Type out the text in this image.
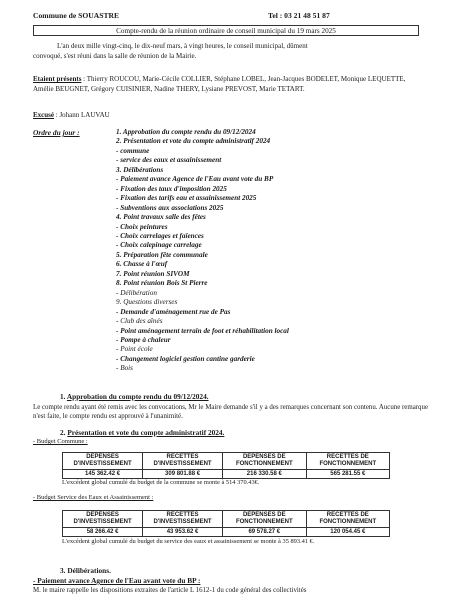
Commune de SOUASTRE	Tel : 03 21 48 51 87
Compte-rendu de la réunion ordinaire de conseil municipal du 19 mars 2025
L'an deux mille vingt-cinq, le dix-neuf mars, à vingt heures, le conseil municipal, dûment
convoqué, s'est réuni dans la salle de réunion de la Mairie.
Etaient présents : Thierry ROUCOU, Marie-Cécile COLLIER, Stéphane LOBEL, Jean-Jacques BODELET, Monique LEQUETTE, Amélie BEUGNET, Grégory CUISINIER, Nadine THERY, Lysiane PREVOST, Marie TETART.
Excusé : Johann LAUVAU
Ordre du jour :	1. Approbation du compte rendu du 09/12/2024
2. Présentation et vote du compte administratif 2024
- commune
- service des eaux et assainissement
3. Délibérations
- Paiement avance Agence de l'Eau avant vote du BP
- Fixation des taux d'imposition 2025
- Fixation des tarifs eau et assainissement 2025
- Subventions aux associations 2025
4. Point travaux salle des fêtes
- Choix peintures
- Choix carrelages et faïences
- Choix calepinage carrelage
5. Préparation fête communale
6. Chasse à l'œuf
7. Point réunion SIVOM
8. Point réunion Bois St Pierre
- Délibération
9. Questions diverses
- Demande d'aménagement rue de Pas
- Club des aînés
- Point aménagement terrain de foot et réhabilitation local
- Pompe à chaleur
- Point école
- Changement logiciel gestion cantine garderie
- Bois
1. Approbation du compte rendu du 09/12/2024.
Le compte rendu ayant été remis avec les convocations, Mr le Maire demande s'il y a des remarques concernant son contenu. Aucune remarque n'est faite, le compte rendu est approuvé à l'unanimité.
2. Présentation et vote du compte administratif 2024.
- Budget Commune :
DEPENSES D'INVESTISSEMENT	RECETTES D'INVESTISSEMENT	DEPENSES DE FONCTIONNEMENT	RECETTES DE FONCTIONNEMENT
145 362.42 €	309 801.88 €	216 330.58 €	565 281.55 €
L'excédent global cumulé du budget de la commune se monte à 514 370.43€.
- Budget Service des Eaux et Assainissement :
DEPENSES D'INVESTISSEMENT	RECETTES D'INVESTISSEMENT	DEPENSES DE FONCTIONNEMENT	RECETTES DE FONCTIONNEMENT
58 266.42 €	43 953.62 €	69 578.27 €	120 054.45 €
L'excédent global cumulé du budget du service des eaux et assainissement se monte à 35 893.41 €.
3. Délibérations.
- Paiement avance Agence de l'Eau avant vote du BP :
M. le maire rappelle les dispositions extraites de l'article L 1612-1 du code général des collectivités
